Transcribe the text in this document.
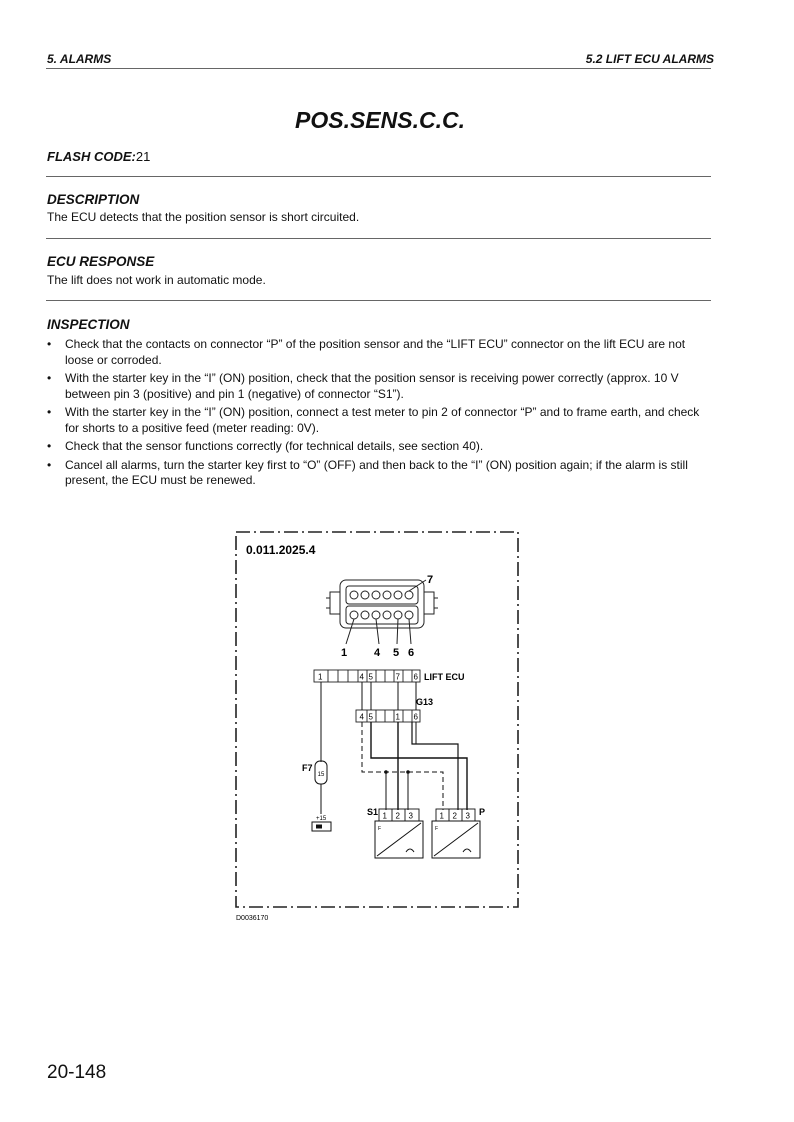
5. ALARMS	5.2 LIFT ECU ALARMS
POS.SENS.C.C.
FLASH CODE:21
DESCRIPTION
The ECU detects that the position sensor is short circuited.
ECU RESPONSE
The lift does not work in automatic mode.
INSPECTION
• Check that the contacts on connector “P” of the position sensor and the “LIFT ECU” connector on the lift ECU are not loose or corroded.
• With the starter key in the “I” (ON) position, check that the position sensor is receiving power correctly (approx. 10 V between pin 3 (positive) and pin 1 (negative) of connector “S1”).
• With the starter key in the “I” (ON) position, connect a test meter to pin 2 of connector “P” and to frame earth, and check for shorts to a positive feed (meter reading: 0V).
• Check that the sensor functions correctly (for technical details, see section 40).
• Cancel all alarms, turn the starter key first to “O” (OFF) and then back to the “I” (ON) position again; if the alarm is still present, the ECU must be renewed.
0.011.2025.4
7
1 4 5 6
1	4 5	7 6 LIFT ECU
G13
4 5	1 6
F7
15
+15
S1 1 2 3
F
1 2 3 P
F
D0036170
20-148
